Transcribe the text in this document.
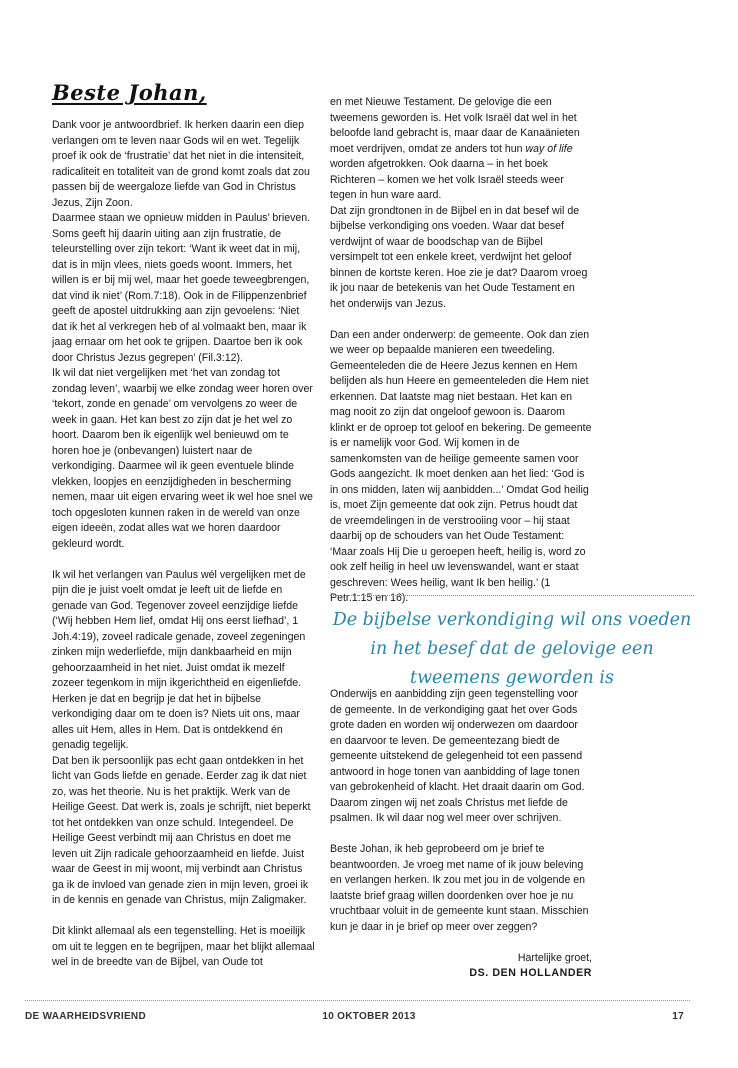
Beste Johan,

Dank voor je antwoordbrief. Ik herken daarin een diep verlangen om te leven naar Gods wil en wet. Tegelijk proef ik ook de ‘frustratie’ dat het niet in die intensiteit, radicaliteit en totaliteit van de grond komt zoals dat zou passen bij de weergaloze liefde van God in Christus Jezus, Zijn Zoon.

Daarmee staan we opnieuw midden in Paulus’ brieven. Soms geeft hij daarin uiting aan zijn frustratie, de teleurstelling over zijn tekort: ‘Want ik weet dat in mij, dat is in mijn vlees, niets goeds woont. Immers, het willen is er bij mij wel, maar het goede teweegbrengen, dat vind ik niet’ (Rom.7:18). Ook in de Filippenzenbrief geeft de apostel uitdrukking aan zijn gevoelens: ‘Niet dat ik het al verkregen heb of al volmaakt ben, maar ik jaag ernaar om het ook te grijpen. Daartoe ben ik ook door Christus Jezus gegrepen’ (Fil.3:12).

Ik wil dat niet vergelijken met ‘het van zondag tot zondag leven’, waarbij we elke zondag weer horen over ‘tekort, zonde en genade’ om vervolgens zo weer de week in gaan. Het kan best zo zijn dat je het wel zo hoort. Daarom ben ik eigenlijk wel benieuwd om te horen hoe je (onbevangen) luistert naar de verkondiging. Daarmee wil ik geen eventuele blinde vlekken, loopjes en eenzijdigheden in bescherming nemen, maar uit eigen ervaring weet ik wel hoe snel we toch opgesloten kunnen raken in de wereld van onze eigen ideeën, zodat alles wat we horen daardoor gekleurd wordt.

Ik wil het verlangen van Paulus wél vergelijken met de pijn die je juist voelt omdat je leeft uit de liefde en genade van God. Tegenover zoveel eenzijdige liefde (‘Wij hebben Hem lief, omdat Hij ons eerst liefhad’, 1 Joh.4:19), zoveel radicale genade, zoveel zegeningen zinken mijn wederliefde, mijn dankbaarheid en mijn gehoorzaamheid in het niet. Juist omdat ik mezelf zozeer tegenkom in mijn ikgerichtheid en eigenliefde. Herken je dat en begrijp je dat het in bijbelse verkondiging daar om te doen is? Niets uit ons, maar alles uit Hem, alles in Hem. Dat is ontdekkend én genadig tegelijk.

Dat ben ik persoonlijk pas echt gaan ontdekken in het licht van Gods liefde en genade. Eerder zag ik dat niet zo, was het theorie. Nu is het praktijk. Werk van de Heilige Geest. Dat werk is, zoals je schrijft, niet beperkt tot het ontdekken van onze schuld. Integendeel. De Heilige Geest verbindt mij aan Christus en doet me leven uit Zijn radicale gehoorzaamheid en liefde. Juist waar de Geest in mij woont, mij verbindt aan Christus ga ik de invloed van genade zien in mijn leven, groei ik in de kennis en genade van Christus, mijn Zaligmaker.

Dit klinkt allemaal als een tegenstelling. Het is moeilijk om uit te leggen en te begrijpen, maar het blijkt allemaal wel in de breedte van de Bijbel, van Oude tot

en met Nieuwe Testament. De gelovige die een tweemens geworden is. Het volk Israël dat wel in het beloofde land gebracht is, maar daar de Kanaänieten moet verdrijven, omdat ze anders tot hun way of life worden afgetrokken. Ook daarna – in het boek Richteren – komen we het volk Israël steeds weer tegen in hun ware aard.

Dat zijn grondtonen in de Bijbel en in dat besef wil de bijbelse verkondiging ons voeden. Waar dat besef verdwijnt of waar de boodschap van de Bijbel versimpelt tot een enkele kreet, verdwijnt het geloof binnen de kortste keren. Hoe zie je dat? Daarom vroeg ik jou naar de betekenis van het Oude Testament en het onderwijs van Jezus.

Dan een ander onderwerp: de gemeente. Ook dan zien we weer op bepaalde manieren een tweedeling. Gemeenteleden die de Heere Jezus kennen en Hem belijden als hun Heere en gemeenteleden die Hem niet erkennen. Dat laatste mag niet bestaan. Het kan en mag nooit zo zijn dat ongeloof gewoon is. Daarom klinkt er de oproep tot geloof en bekering. De gemeente is er namelijk voor God. Wij komen in de samenkomsten van de heilige gemeente samen voor Gods aangezicht. Ik moet denken aan het lied: ‘God is in ons midden, laten wij aanbidden...’ Omdat God heilig is, moet Zijn gemeente dat ook zijn. Petrus houdt dat de vreemdelingen in de verstrooiing voor – hij staat daarbij op de schouders van het Oude Testament: ‘Maar zoals Hij Die u geroepen heeft, heilig is, word zo ook zelf heilig in heel uw levenswandel, want er staat geschreven: Wees heilig, want Ik ben heilig.’ (1 Petr.1:15 en 16).

De bijbelse verkondiging wil ons voeden in het besef dat de gelovige een tweemens geworden is

Onderwijs en aanbidding zijn geen tegenstelling voor de gemeente. In de verkondiging gaat het over Gods grote daden en worden wij onderwezen om daardoor en daarvoor te leven. De gemeentezang biedt de gemeente uitstekend de gelegenheid tot een passend antwoord in hoge tonen van aanbidding of lage tonen van gebrokenheid of klacht. Het draait daarin om God. Daarom zingen wij net zoals Christus met liefde de psalmen. Ik wil daar nog wel meer over schrijven.

Beste Johan, ik heb geprobeerd om je brief te beantwoorden. Je vroeg met name of ik jouw beleving en verlangen herken. Ik zou met jou in de volgende en laatste brief graag willen doordenken over hoe je nu vruchtbaar voluit in de gemeente kunt staan. Misschien kun je daar in je brief op meer over zeggen?

Hartelijke groet,

DS. DEN HOLLANDER

DE WAARHEIDSVRIEND	10 OKTOBER 2013	17
